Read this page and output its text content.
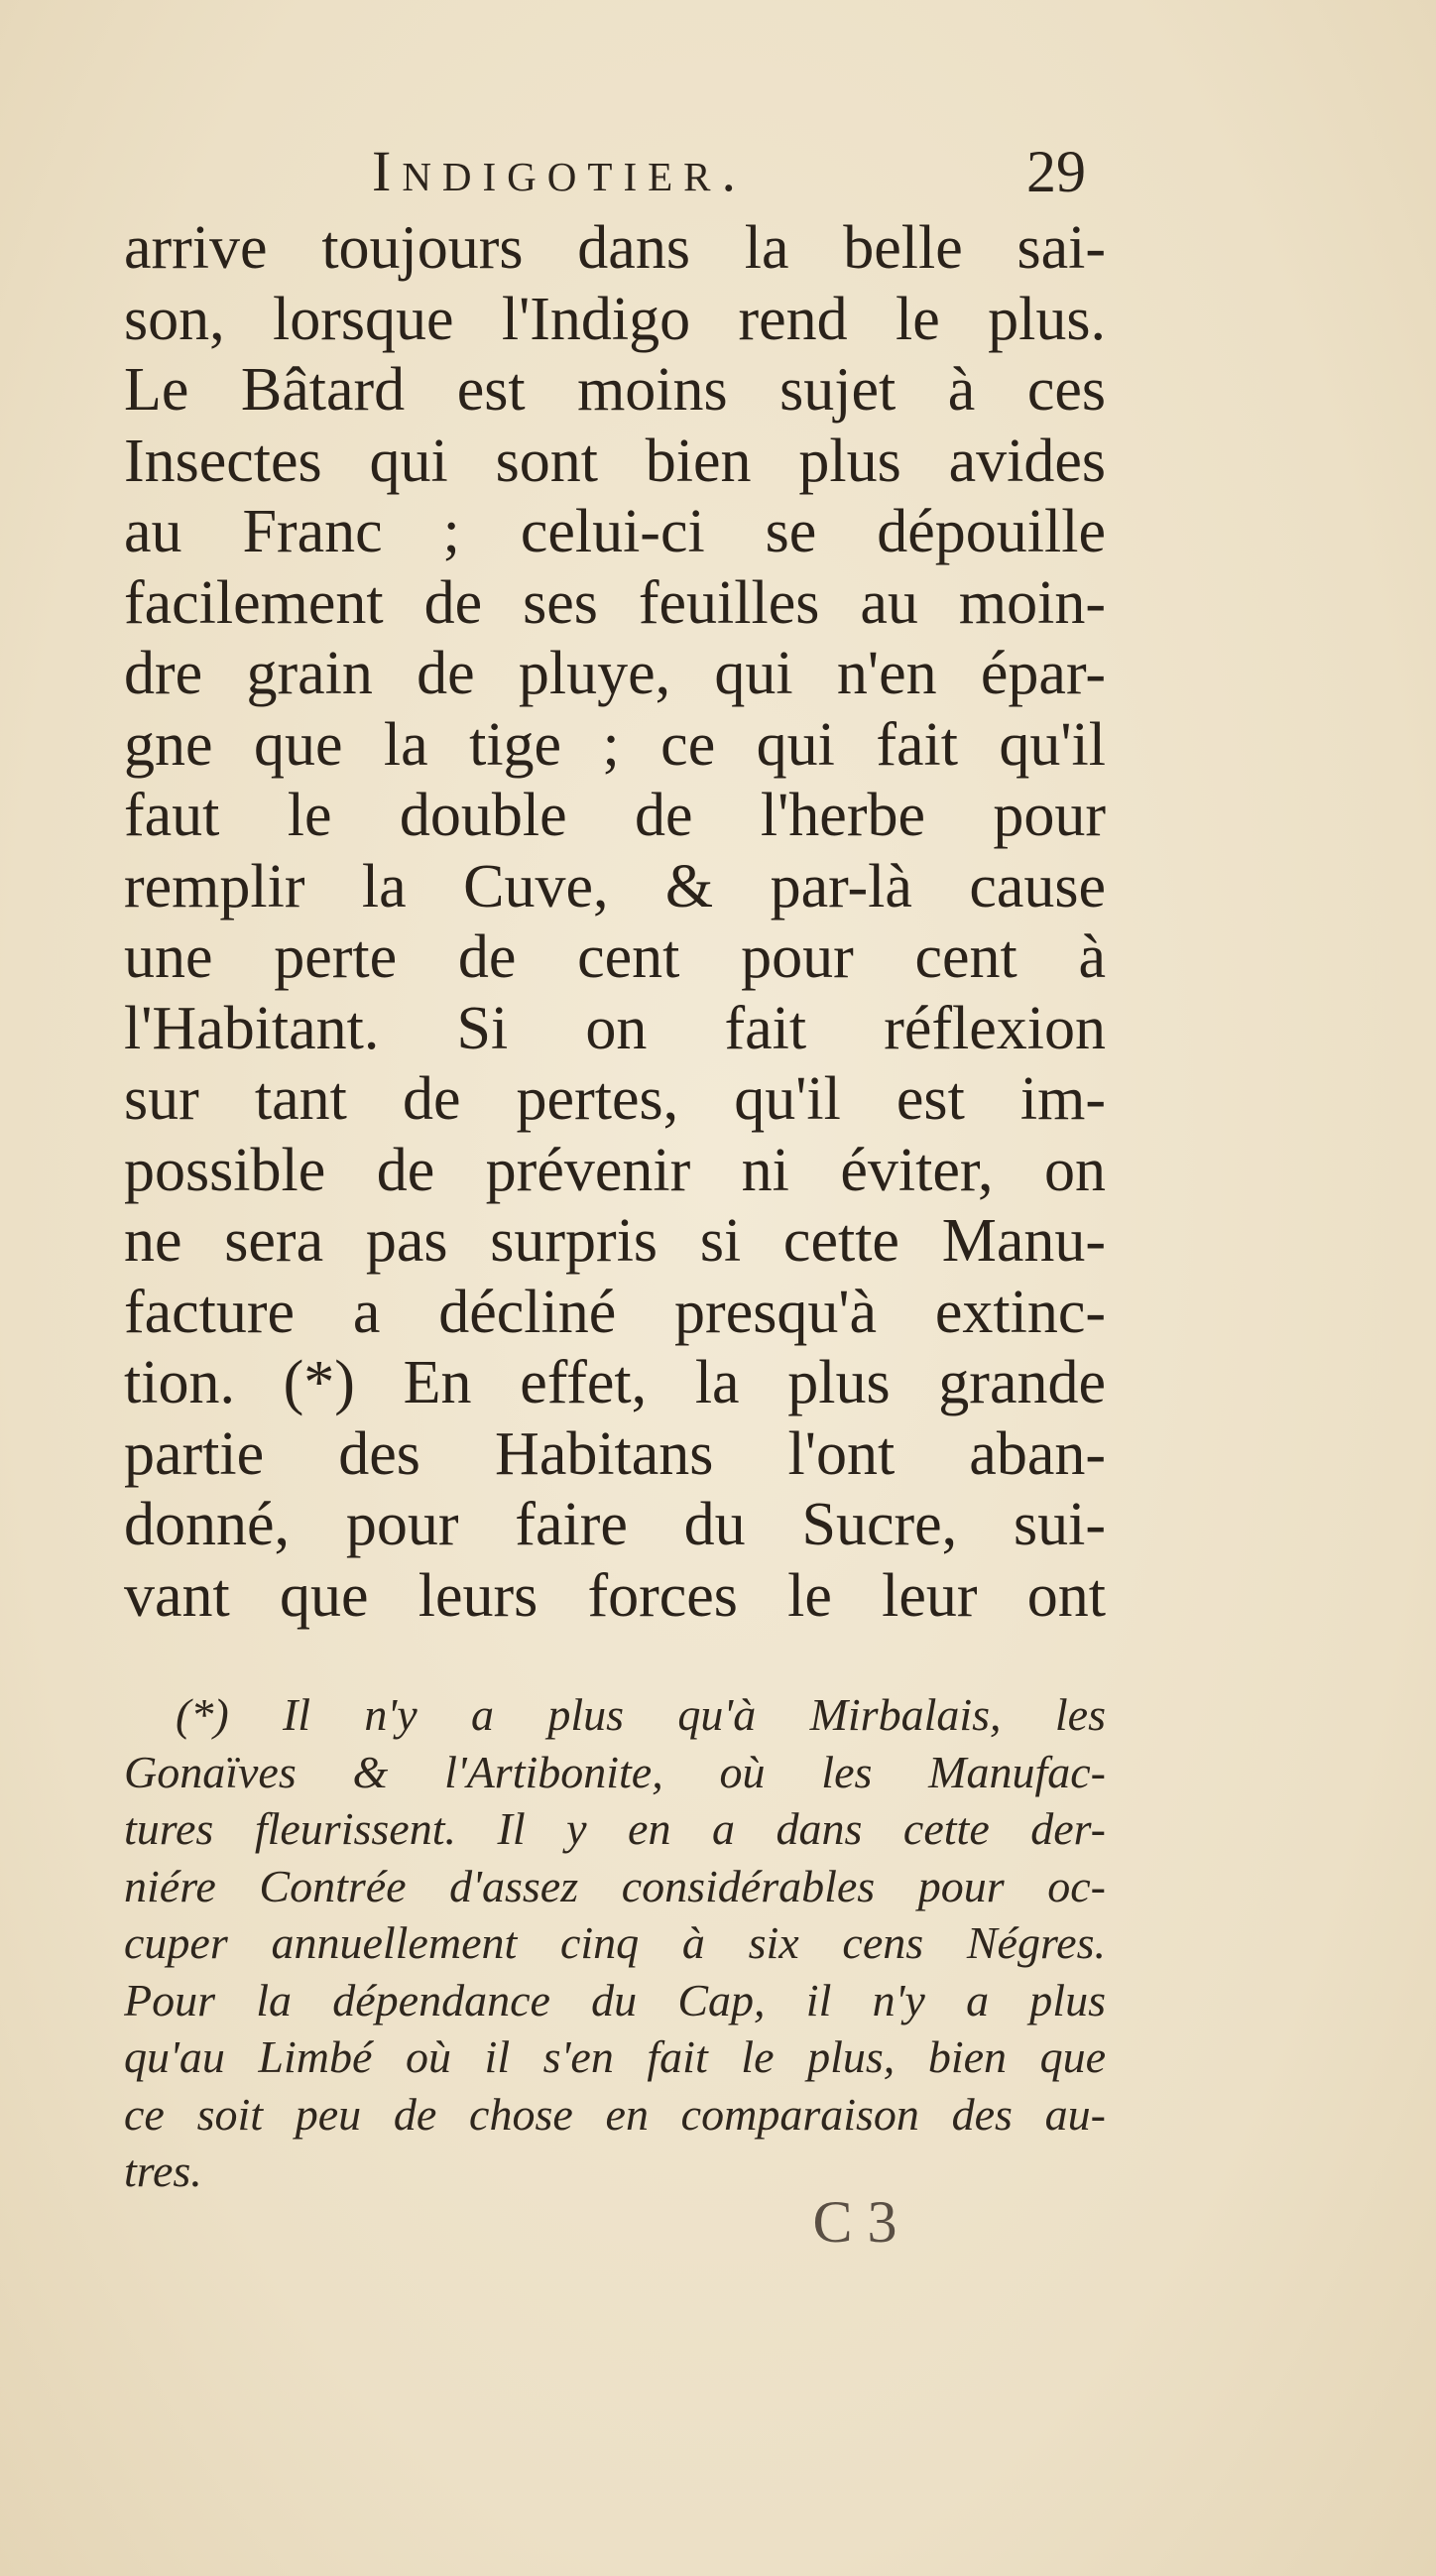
Indigotier.	29
arrive toujours dans la belle sai-
son, lorsque l'Indigo rend le plus.
Le Bâtard est moins sujet à ces
Insectes qui sont bien plus avides
au Franc ; celui-ci se dépouille
facilement de ses feuilles au moin-
dre grain de pluye, qui n'en épar-
gne que la tige ; ce qui fait qu'il
faut le double de l'herbe pour
remplir la Cuve, & par-là cause
une perte de cent pour cent à
l'Habitant. Si on fait réflexion
sur tant de pertes, qu'il est im-
possible de prévenir ni éviter, on
ne sera pas surpris si cette Manu-
facture a décliné presqu'à extinc-
tion. (*) En effet, la plus grande
partie des Habitans l'ont aban-
donné, pour faire du Sucre, sui-
vant que leurs forces le leur ont
(*) Il n'y a plus qu'à Mirbalais, les
Gonaïves & l'Artibonite, où les Manufac-
tures fleurissent. Il y en a dans cette der-
niére Contrée d'assez considérables pour oc-
cuper annuellement cinq à six cens Négres.
Pour la dépendance du Cap, il n'y a plus
qu'au Limbé où il s'en fait le plus, bien que
ce soit peu de chose en comparaison des au-
tres.
C 3
